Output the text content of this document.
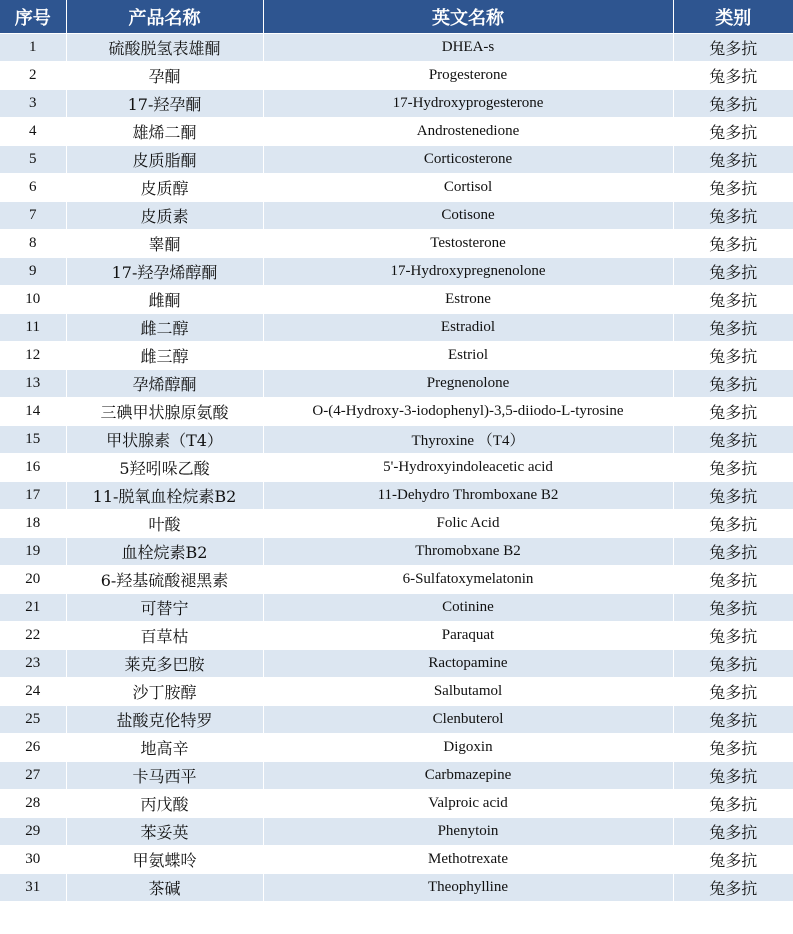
序号	产品名称	英文名称	类别
1	硫酸脱氢表雄酮	DHEA-s	兔多抗
2	孕酮	Progesterone	兔多抗
3	17-羟孕酮	17-Hydroxyprogesterone	兔多抗
4	雄烯二酮	Androstenedione	兔多抗
5	皮质脂酮	Corticosterone	兔多抗
6	皮质醇	Cortisol	兔多抗
7	皮质素	Cotisone	兔多抗
8	睾酮	Testosterone	兔多抗
9	17-羟孕烯醇酮	17-Hydroxypregnenolone	兔多抗
10	雌酮	Estrone	兔多抗
11	雌二醇	Estradiol	兔多抗
12	雌三醇	Estriol	兔多抗
13	孕烯醇酮	Pregnenolone	兔多抗
14	三碘甲状腺原氨酸	O-(4-Hydroxy-3-iodophenyl)-3,5-diiodo-L-tyrosine	兔多抗
15	甲状腺素（T4）	Thyroxine （T4）	兔多抗
16	5羟吲哚乙酸	5'-Hydroxyindoleacetic acid	兔多抗
17	11-脱氧血栓烷素B2	11-Dehydro Thromboxane B2	兔多抗
18	叶酸	Folic Acid	兔多抗
19	血栓烷素B2	Thromobxane B2	兔多抗
20	6-羟基硫酸褪黑素	6-Sulfatoxymelatonin	兔多抗
21	可替宁	Cotinine	兔多抗
22	百草枯	Paraquat	兔多抗
23	莱克多巴胺	Ractopamine	兔多抗
24	沙丁胺醇	Salbutamol	兔多抗
25	盐酸克伦特罗	Clenbuterol	兔多抗
26	地高辛	Digoxin	兔多抗
27	卡马西平	Carbmazepine	兔多抗
28	丙戊酸	Valproic acid	兔多抗
29	苯妥英	Phenytoin	兔多抗
30	甲氨蝶呤	Methotrexate	兔多抗
31	茶碱	Theophylline	兔多抗
